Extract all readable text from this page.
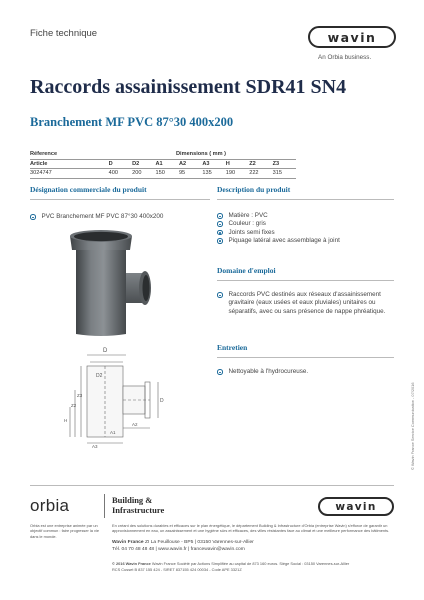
Fiche technique	wavin
An Orbia business.
Raccords assainissement SDR41 SN4
Branchement MF PVC 87°30 400x200
Réference	Dimensions ( mm )
Article	D	D2	A1	A2	A3	H	Z2	Z3
3024747	400	200	150	95	135	190	222	315
Désignation commerciale du produit
PVC Branchement MF PVC 87°30 400x200
D
D2
Z3
Z2
H
D
A1
A2
A3
Description du produit
Matière : PVC
Couleur : gris
Joints semi fixes
Piquage latéral avec assemblage à joint
Domaine d'emploi
Raccords PVC destinés aux réseaux d'assainissement gravitaire (eaux usées et eaux pluviales) unitaires ou séparatifs, avec ou sans présence de nappe phréatique.
Entretien
Nettoyable à l'hydrocureuse.
orbia	Building &
Infrastructure	wavin
Orbia est une entreprise animée par un objectif commun : faire progresser la vie dans le monde.
En créant des solutions durables et efficaces sur le plan énergétique, le département Building & Infrastructure d'Orbia (entreprise Wavin) s'efforce de garantir un approvisionnement en eau, un assainissement et une hygiène sûrs et efficaces, des villes résistantes face au climat et une meilleure performance des bâtiments.
Wavin France ZI La Feuillouse - BP5 | 03150 Varennes-sur-Allier
Tél. 04 70 48 48 48 | www.wavin.fr | francewavin@wavin.com
© 2016 Wavin France Wavin France Société par Actions Simplifiée au capital de 873 160 euros. Siège Social : 03150 Varennes-sur-Allier
RCS Cusset B 837 155 424 - SIRET 837155 424 00034 - Code APE 3321Z
© Wavin France Service Communication - 07/2016
